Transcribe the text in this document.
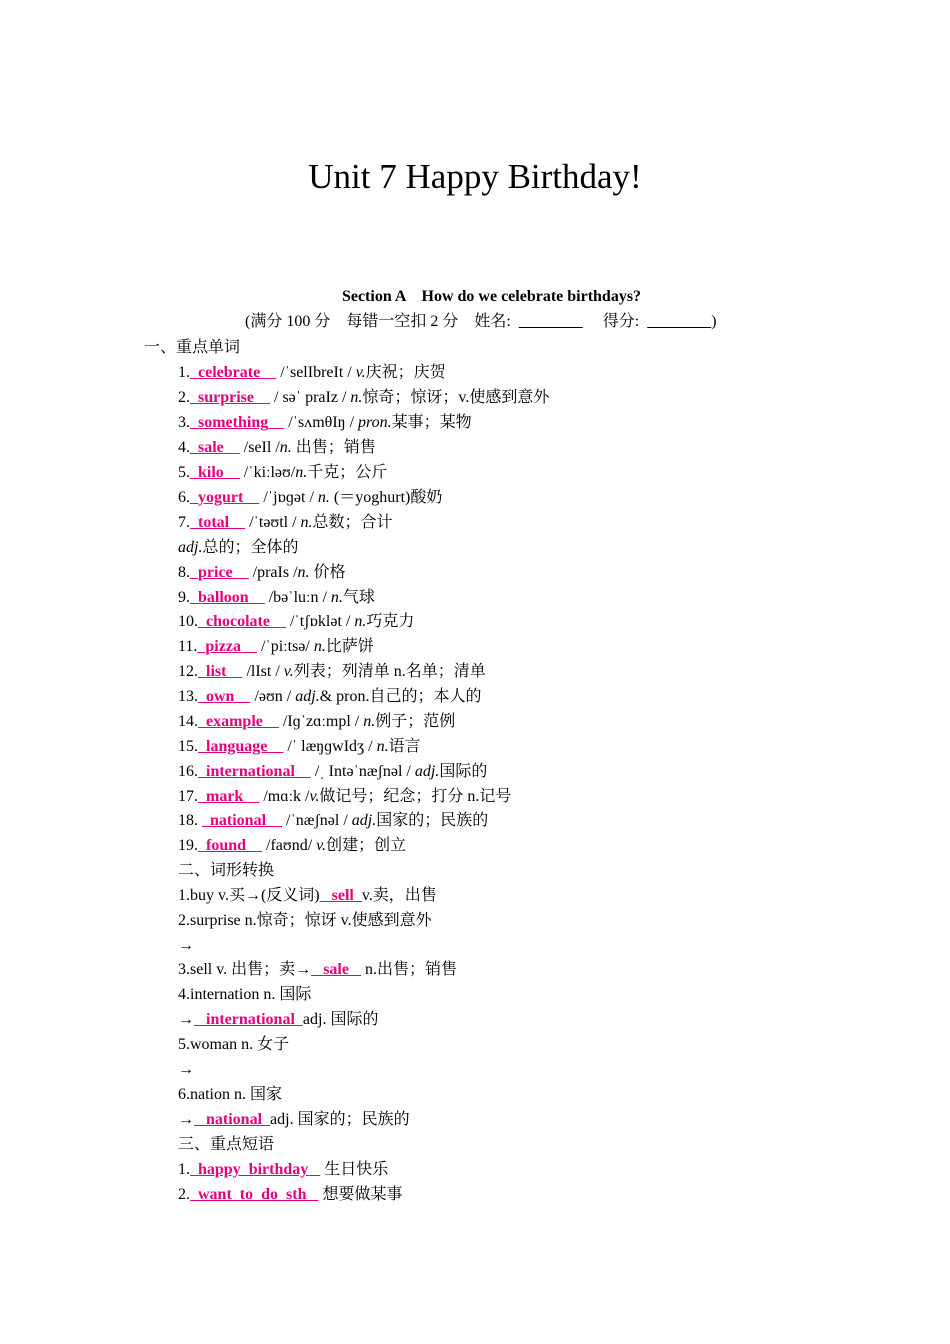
Unit 7 Happy Birthday!
Section A    How do we celebrate birthdays?
(满分 100 分    每错一空扣 2 分    姓名:	得分:	)
一、重点单词
1. celebrate     /ˈselIbreIt / v.庆祝；庆贺
2. surprise     / səˈ praIz / n.惊奇；惊讶；v.使感到意外
3. something     /ˈsʌmθIŋ / pron.某事；某物
4. sale     /seIl /n. 出售；销售
5. kilo     /ˈkiːləʊ/n.千克；公斤
6. yogurt     /ˈjɒɡət / n. (＝yoghurt)酸奶
7. total     /ˈtəʊtl / n.总数；合计
adj.总的；全体的
8. price     /praIs /n. 价格
9. balloon     /bəˈluːn / n.气球
10. chocolate     /ˈtʃɒklət / n.巧克力
11. pizza     /ˈpiːtsə/ n.比萨饼
12. list     /lIst / v.列表；列清单 n.名单；清单
13. own     /əʊn / adj.& pron.自己的；本人的
14. example     /Iɡˈzɑːmpl / n.例子；范例
15. language     /ˈ læŋɡwIdʒ / n.语言
16. international     /ˌ Intəˈnæʃnəl / adj.国际的
17. mark     /mɑːk /v.做记号；纪念；打分 n.记号
18.   national     /ˈnæʃnəl / adj.国家的；民族的
19. found     /faʊnd/ v.创建；创立
二、词形转换
1.buy v.买→(反义词) sell v.卖，出售
2.surprise n.惊奇；惊讶 v.使感到意外
→
3.sell v. 出售；卖→ sale    n.出售；销售
4.internation n. 国际
→ international adj. 国际的
5.woman n. 女子
→
6.nation n. 国家
→ national adj. 国家的；民族的
三、重点短语
1. happy  birthday    生日快乐
2. want  to  do  sth    想要做某事
